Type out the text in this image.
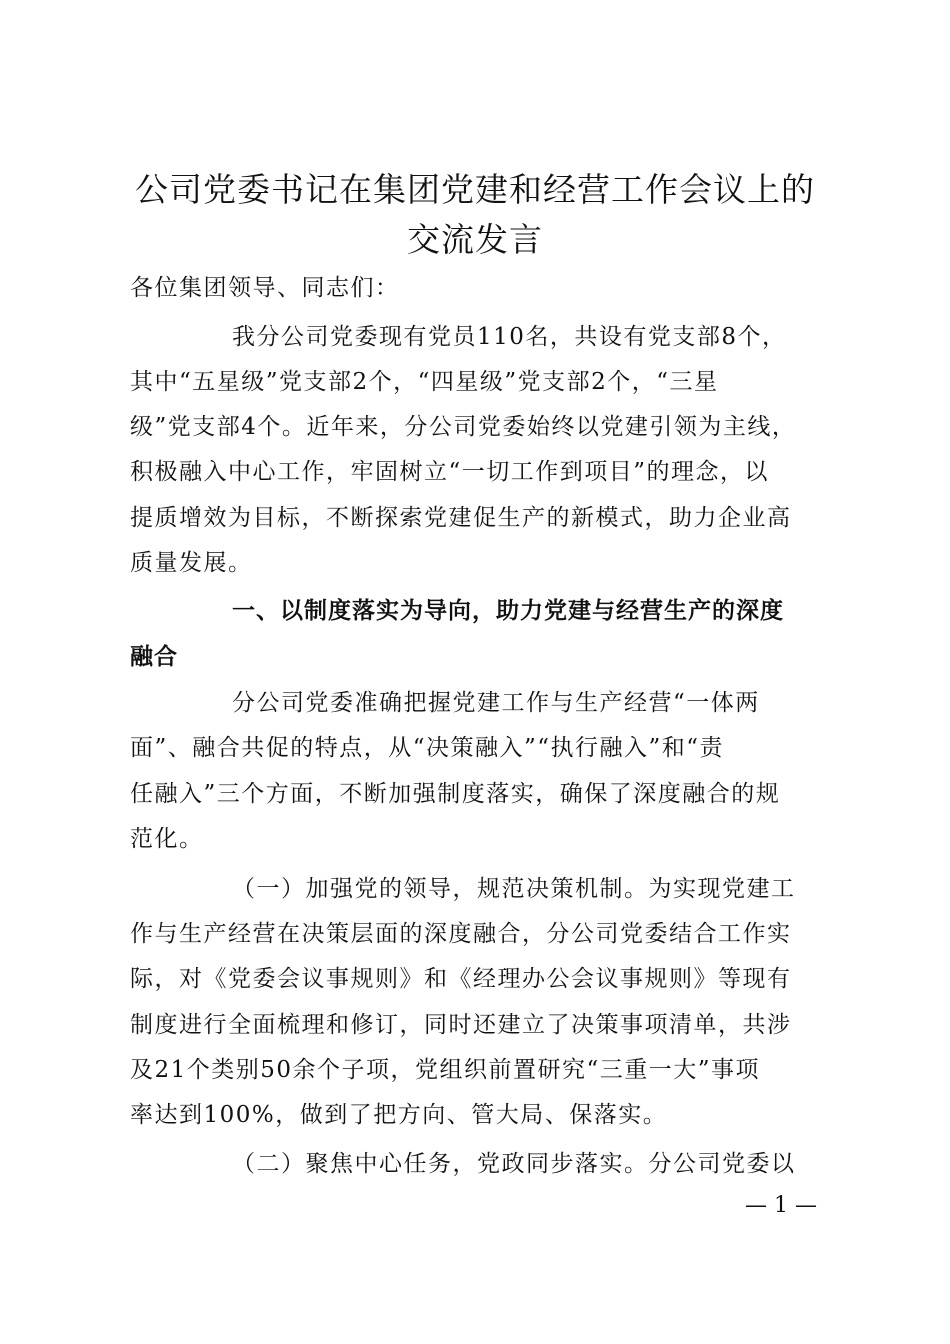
公司党委书记在集团党建和经营工作会议上的
交流发言
各位集团领导、同志们：
我分公司党委现有党员110名，共设有党支部8个，
其中“五星级”党支部2个，“四星级”党支部2个，“三星
级”党支部4个。近年来，分公司党委始终以党建引领为主线，
积极融入中心工作，牢固树立“一切工作到项目”的理念，以
提质增效为目标，不断探索党建促生产的新模式，助力企业高
质量发展。
一、以制度落实为导向，助力党建与经营生产的深度
融合
分公司党委准确把握党建工作与生产经营“一体两
面”、融合共促的特点，从“决策融入”“执行融入”和“责
任融入”三个方面，不断加强制度落实，确保了深度融合的规
范化。
（一）加强党的领导，规范决策机制。为实现党建工
作与生产经营在决策层面的深度融合，分公司党委结合工作实
际，对《党委会议事规则》和《经理办公会议事规则》等现有
制度进行全面梳理和修订，同时还建立了决策事项清单，共涉
及21个类别50余个子项，党组织前置研究“三重一大”事项
率达到100%，做到了把方向、管大局、保落实。
（二）聚焦中心任务，党政同步落实。分公司党委以
— 1 —
